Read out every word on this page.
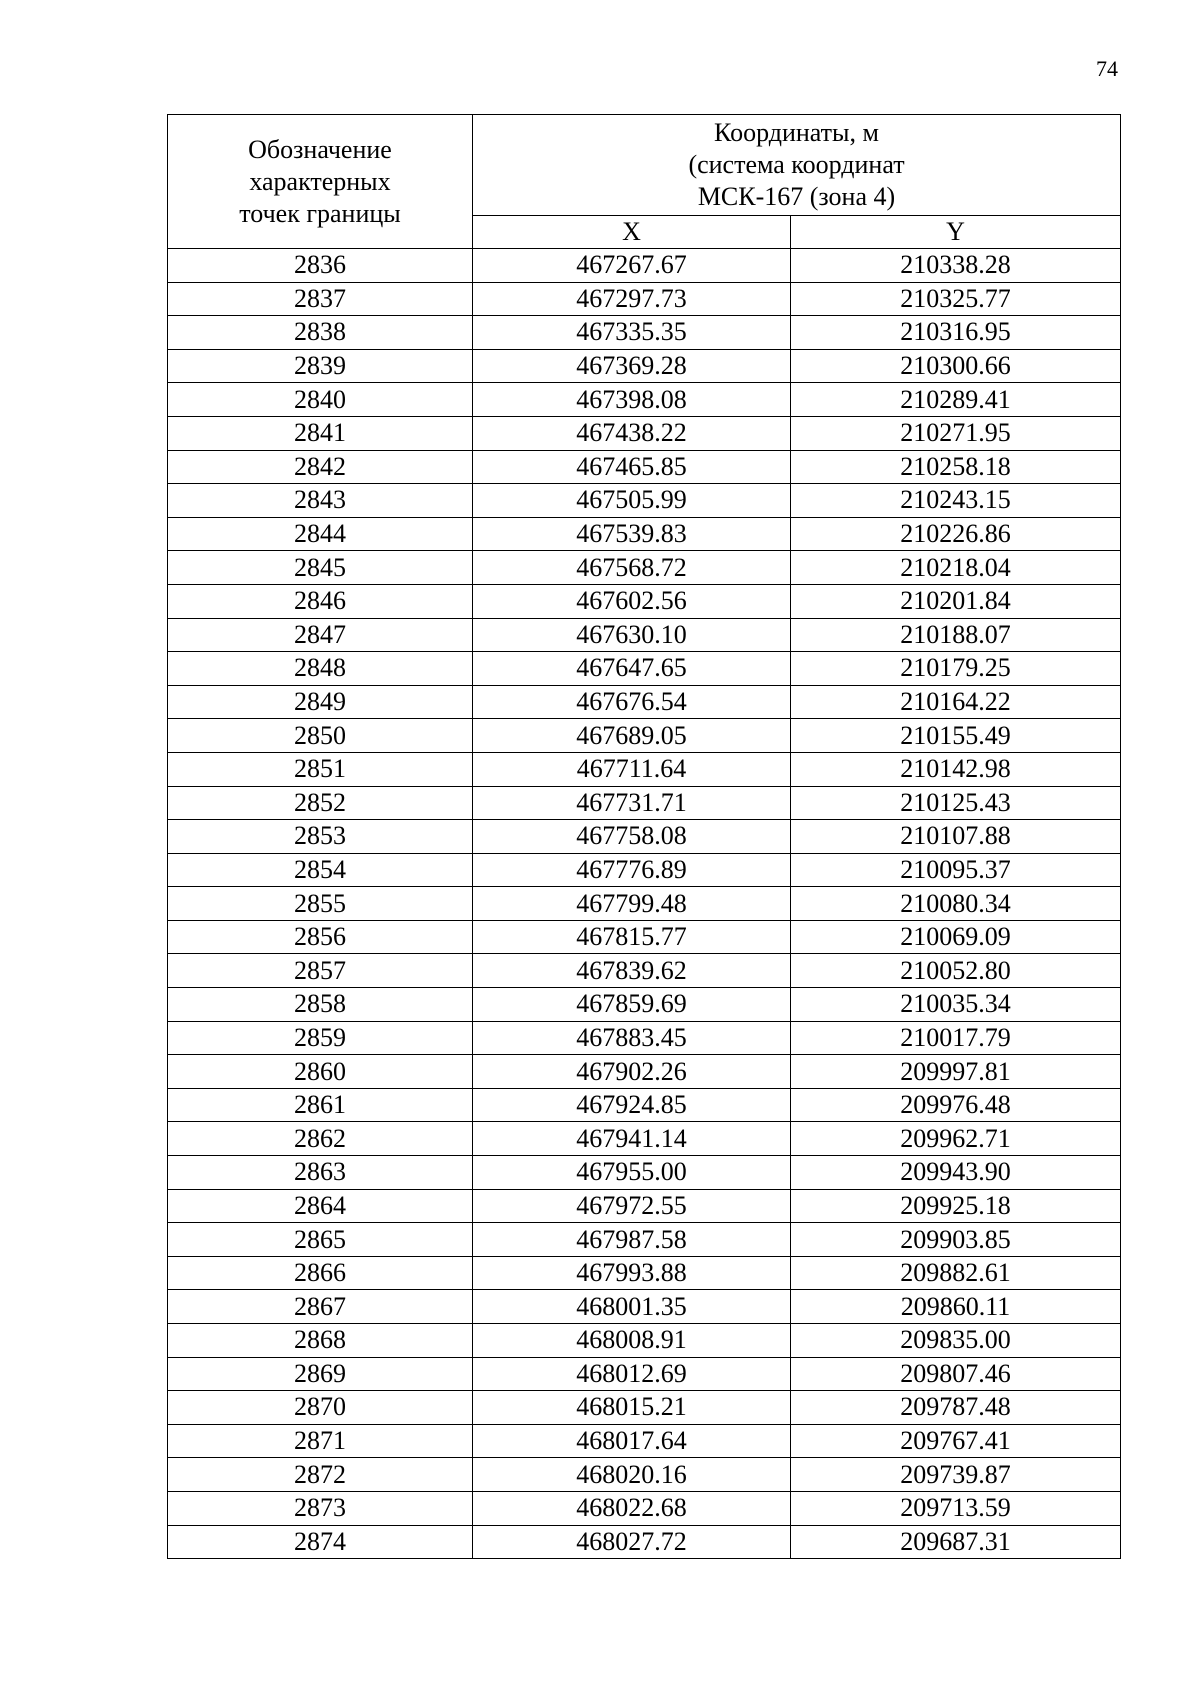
74
Обозначение
характерных
точек границы	Координаты, м
(система координат
МСК-167 (зона 4)	

	X	Y
2836	467267.67	210338.28
2837	467297.73	210325.77
2838	467335.35	210316.95
2839	467369.28	210300.66
2840	467398.08	210289.41
2841	467438.22	210271.95
2842	467465.85	210258.18
2843	467505.99	210243.15
2844	467539.83	210226.86
2845	467568.72	210218.04
2846	467602.56	210201.84
2847	467630.10	210188.07
2848	467647.65	210179.25
2849	467676.54	210164.22
2850	467689.05	210155.49
2851	467711.64	210142.98
2852	467731.71	210125.43
2853	467758.08	210107.88
2854	467776.89	210095.37
2855	467799.48	210080.34
2856	467815.77	210069.09
2857	467839.62	210052.80
2858	467859.69	210035.34
2859	467883.45	210017.79
2860	467902.26	209997.81
2861	467924.85	209976.48
2862	467941.14	209962.71
2863	467955.00	209943.90
2864	467972.55	209925.18
2865	467987.58	209903.85
2866	467993.88	209882.61
2867	468001.35	209860.11
2868	468008.91	209835.00
2869	468012.69	209807.46
2870	468015.21	209787.48
2871	468017.64	209767.41
2872	468020.16	209739.87
2873	468022.68	209713.59
2874	468027.72	209687.31
